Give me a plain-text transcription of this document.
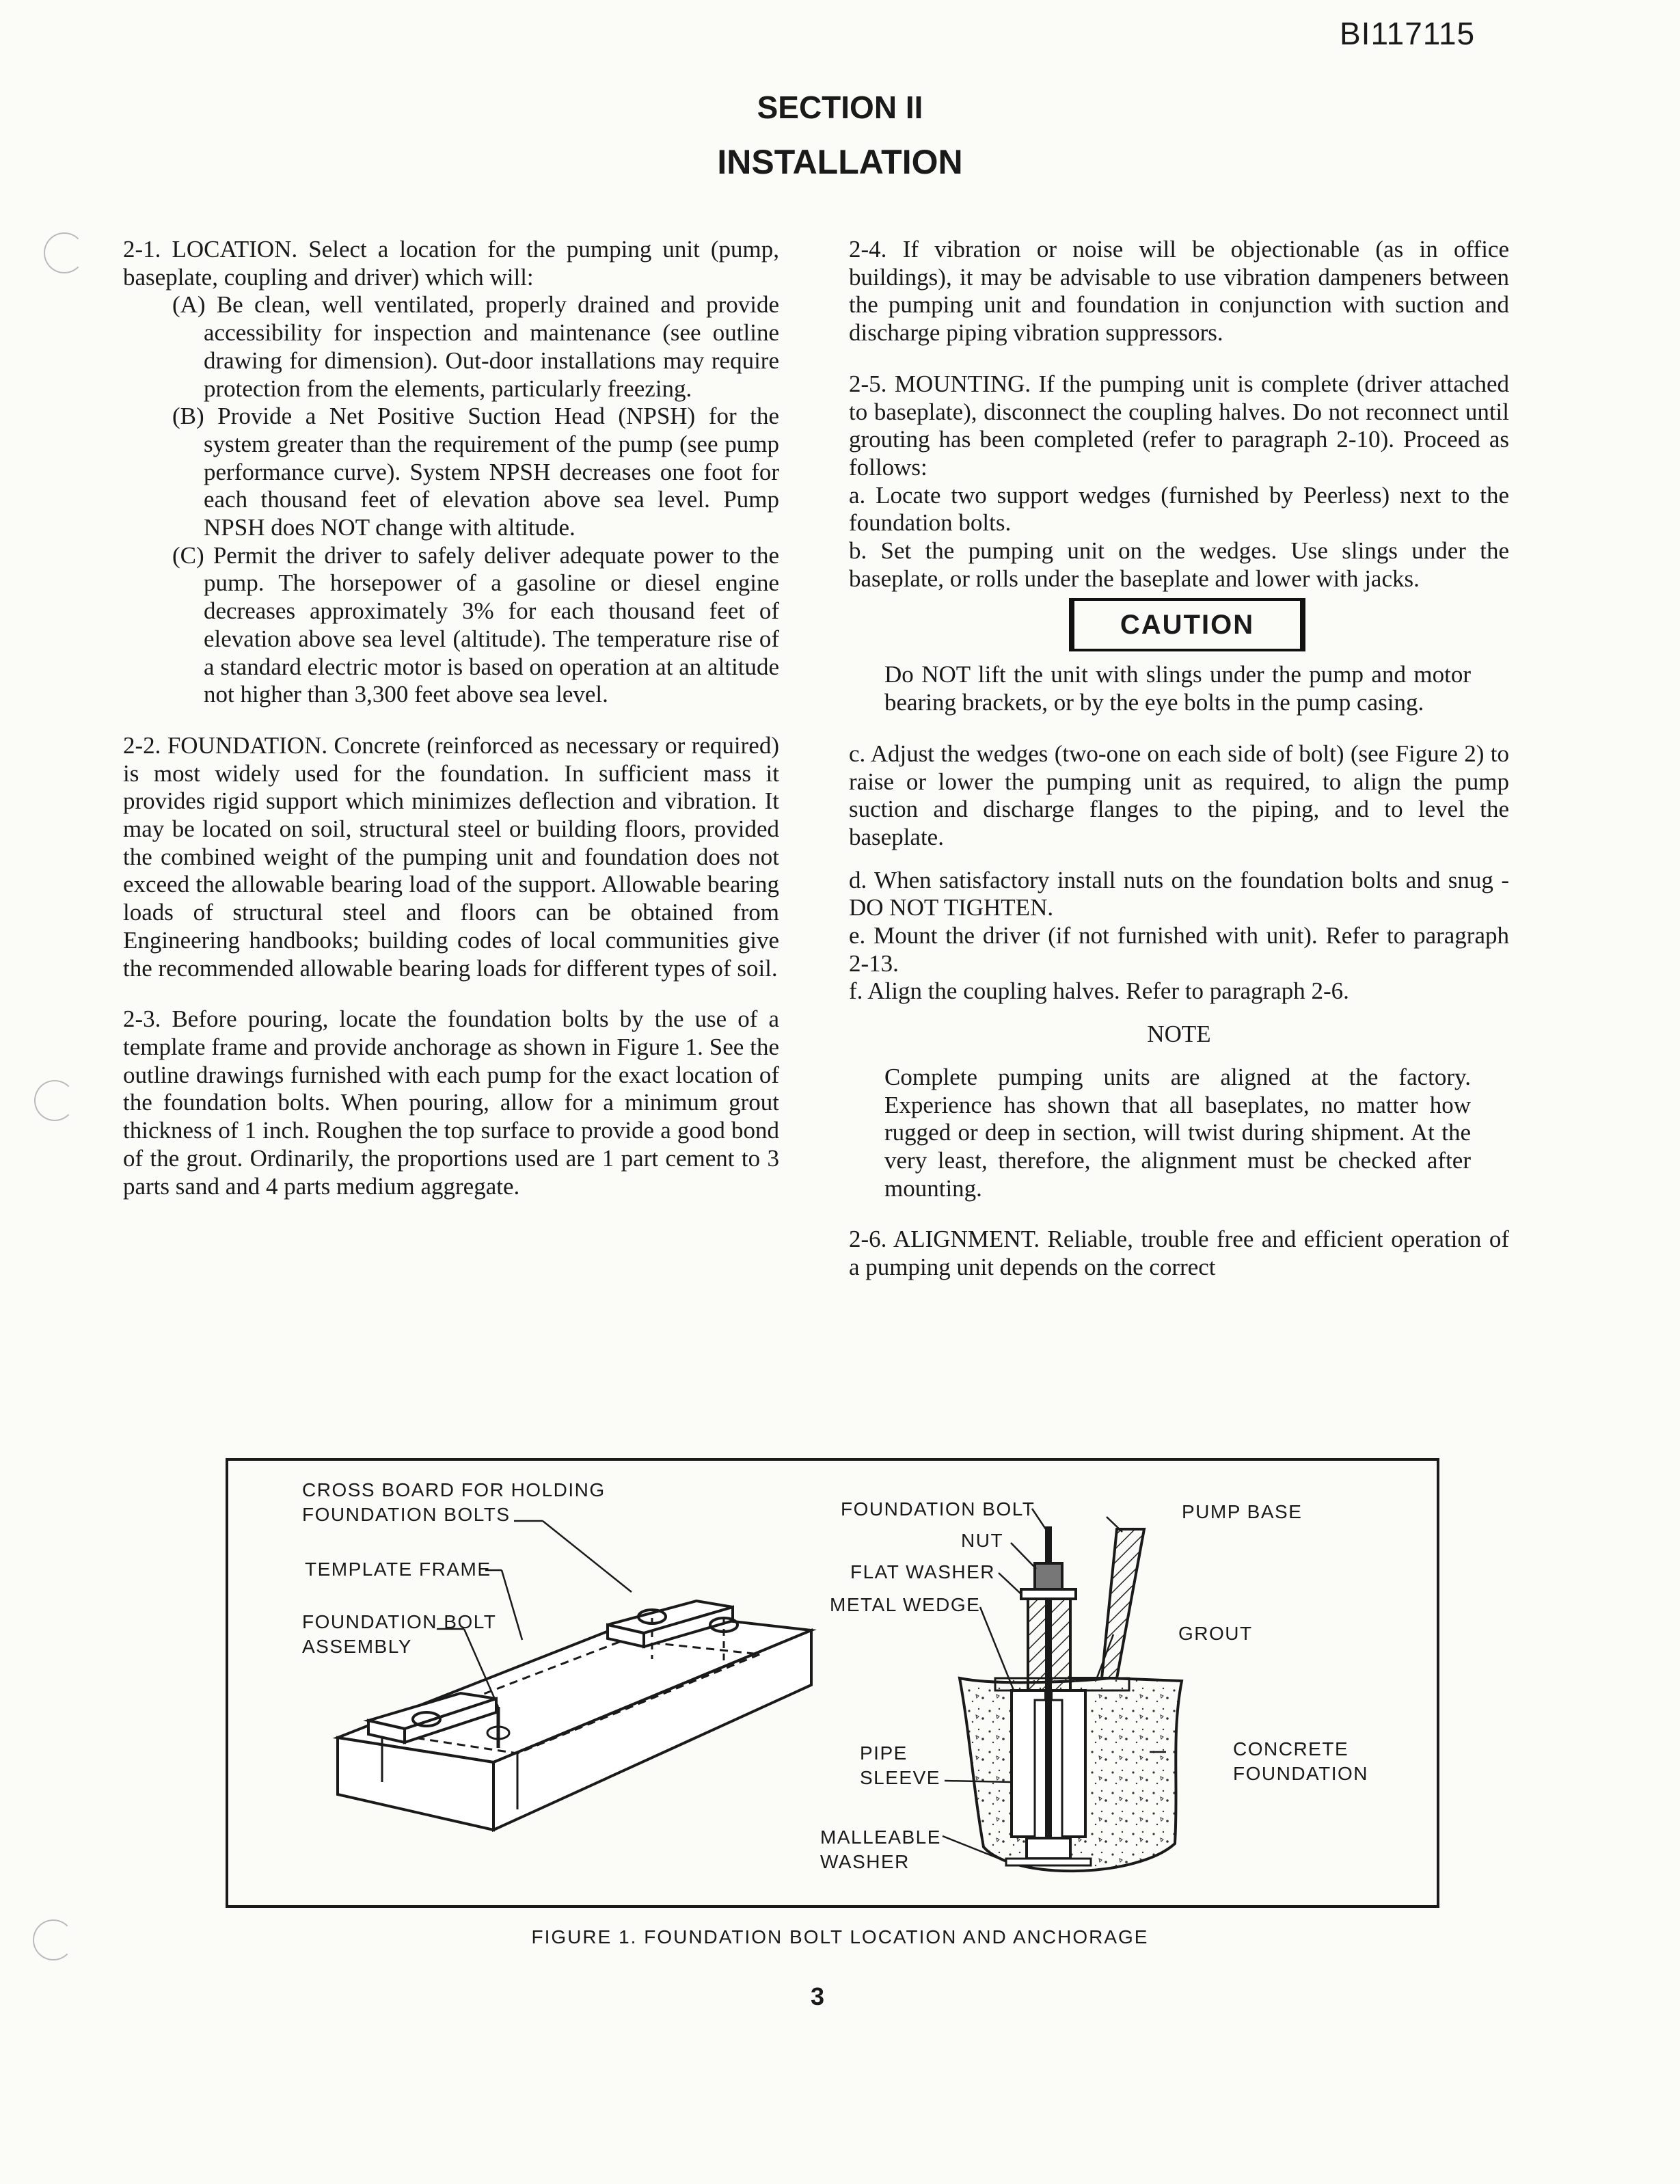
BI117115
SECTION II
INSTALLATION

2-1. LOCATION. Select a location for the pumping unit (pump, baseplate, coupling and driver) which will:

(A) Be clean, well ventilated, properly drained and provide accessibility for inspection and maintenance (see outline drawing for dimension). Out-door installations may require protection from the elements, particularly freezing.

(B) Provide a Net Positive Suction Head (NPSH) for the system greater than the requirement of the pump (see pump performance curve). System NPSH decreases one foot for each thousand feet of elevation above sea level. Pump NPSH does NOT change with altitude.

(C) Permit the driver to safely deliver adequate power to the pump. The horsepower of a gasoline or diesel engine decreases approximately 3% for each thousand feet of elevation above sea level (altitude). The temperature rise of a standard electric motor is based on operation at an altitude not higher than 3,300 feet above sea level.

2-2. FOUNDATION. Concrete (reinforced as necessary or required) is most widely used for the foundation. In sufficient mass it provides rigid support which minimizes deflection and vibration. It may be located on soil, structural steel or building floors, provided the combined weight of the pumping unit and foundation does not exceed the allowable bearing load of the support. Allowable bearing loads of structural steel and floors can be obtained from Engineering handbooks; building codes of local communities give the recommended allowable bearing loads for different types of soil.

2-3. Before pouring, locate the foundation bolts by the use of a template frame and provide anchorage as shown in Figure 1. See the outline drawings furnished with each pump for the exact location of the foundation bolts. When pouring, allow for a minimum grout thickness of 1 inch. Roughen the top surface to provide a good bond of the grout. Ordinarily, the proportions used are 1 part cement to 3 parts sand and 4 parts medium aggregate.

2-4. If vibration or noise will be objectionable (as in office buildings), it may be advisable to use vibration dampeners between the pumping unit and foundation in conjunction with suction and discharge piping vibration suppressors.

2-5. MOUNTING. If the pumping unit is complete (driver attached to baseplate), disconnect the coupling halves. Do not reconnect until grouting has been completed (refer to paragraph 2-10). Proceed as follows:

a. Locate two support wedges (furnished by Peerless) next to the foundation bolts.

b. Set the pumping unit on the wedges. Use slings under the baseplate, or rolls under the baseplate and lower with jacks.

CAUTION

Do NOT lift the unit with slings under the pump and motor bearing brackets, or by the eye bolts in the pump casing.

c. Adjust the wedges (two-one on each side of bolt) (see Figure 2) to raise or lower the pumping unit as required, to align the pump suction and discharge flanges to the piping, and to level the baseplate.

d. When satisfactory install nuts on the foundation bolts and snug - DO NOT TIGHTEN.

e. Mount the driver (if not furnished with unit). Refer to paragraph 2-13.

f. Align the coupling halves. Refer to paragraph 2-6.

NOTE

Complete pumping units are aligned at the factory. Experience has shown that all baseplates, no matter how rugged or deep in section, will twist during shipment. At the very least, therefore, the alignment must be checked after mounting.

2-6. ALIGNMENT. Reliable, trouble free and efficient operation of a pumping unit depends on the correct

CROSS BOARD FOR HOLDING
FOUNDATION BOLTS
TEMPLATE FRAME
FOUNDATION BOLT
ASSEMBLY
FOUNDATION BOLT	PUMP BASE
NUT
FLAT WASHER
METAL WEDGE
GROUT
PIPE
SLEEVE
CONCRETE
FOUNDATION
MALLEABLE
WASHER
FIGURE 1. FOUNDATION BOLT LOCATION AND ANCHORAGE
3
